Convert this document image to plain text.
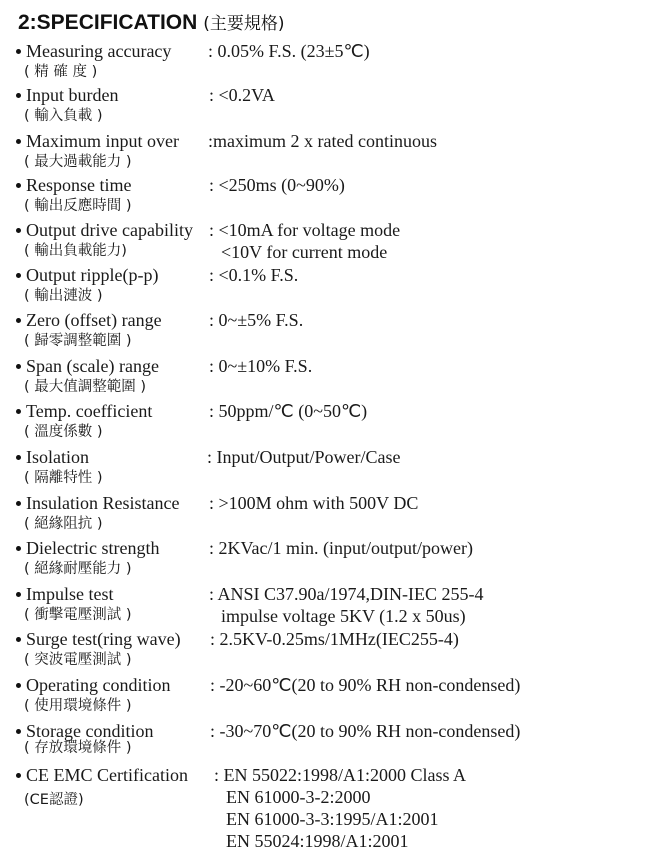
2:SPECIFICATION (主要規格)
Measuring accuracy
( 精 確 度 )
: 0.05% F.S. (23±5℃)
Input burden
( 輸入負載 )
: <0.2VA
Maximum input over
( 最大過載能力 )
:maximum 2 x rated continuous
Response time
( 輸出反應時間 )
: <250ms (0~90%)
Output drive capability
( 輸出負載能力)
: <10mA for voltage mode
<10V for current mode
Output ripple(p-p)
( 輸出漣波 )
: <0.1% F.S.
Zero (offset) range
( 歸零調整範圍 )
: 0~±5% F.S.
Span (scale) range
( 最大值調整範圍 )
: 0~±10% F.S.
Temp. coefficient
( 溫度係數 )
: 50ppm/℃ (0~50℃)
Isolation
( 隔離特性 )
: Input/Output/Power/Case
Insulation Resistance
( 絕緣阻抗 )
: >100M ohm with 500V DC
Dielectric strength
( 絕緣耐壓能力 )
: 2KVac/1 min. (input/output/power)
Impulse test
( 衝擊電壓測試 )
: ANSI C37.90a/1974,DIN-IEC 255-4
impulse voltage 5KV (1.2 x 50us)
Surge test(ring wave)
( 突波電壓測試 )
: 2.5KV-0.25ms/1MHz(IEC255-4)
Operating condition
( 使用環境條件 )
: -20~60℃(20 to 90% RH non-condensed)
Storage condition
( 存放環境條件 )
: -30~70℃(20 to 90% RH non-condensed)
CE EMC Certification
(CE認證)
: EN 55022:1998/A1:2000 Class A
EN 61000-3-2:2000
EN 61000-3-3:1995/A1:2001
EN 55024:1998/A1:2001
